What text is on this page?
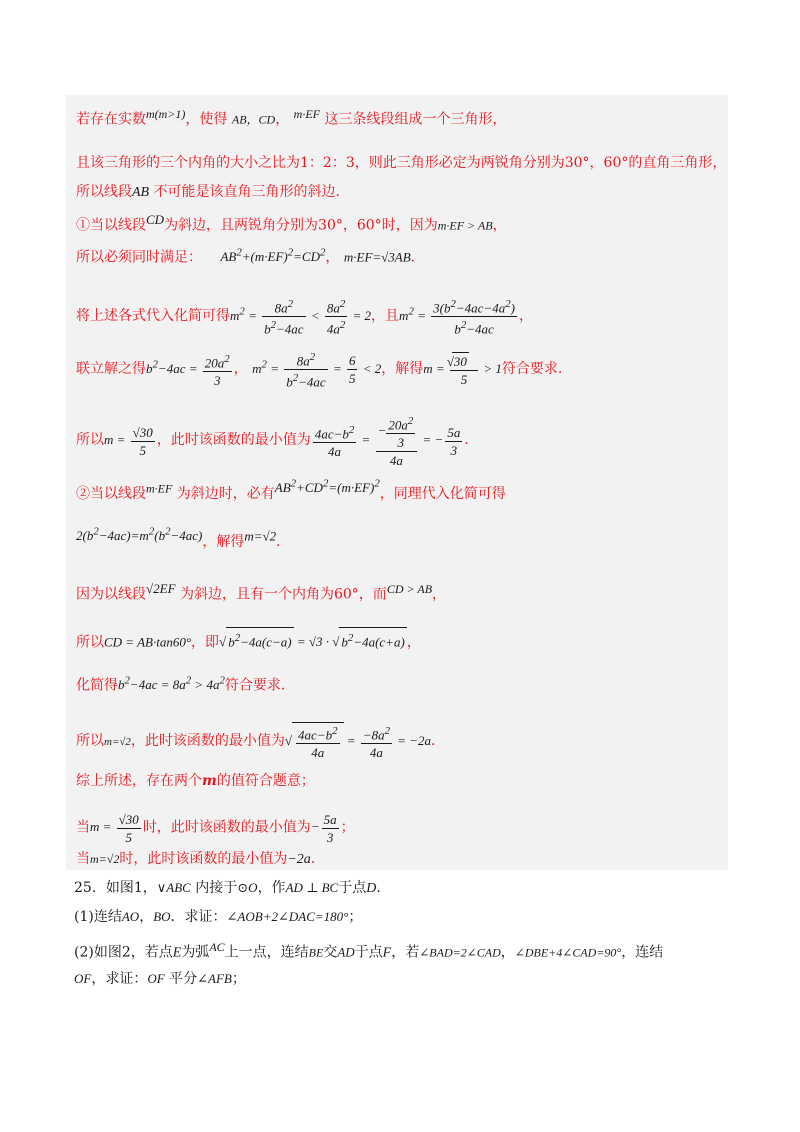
若存在实数m(m>1)，使得 AB，CD， m·EF 这三条线段组成一个三角形，
且该三角形的三个内角的大小之比为1：2：3，则此三角形必定为两锐角分别为30°，60°的直角三角形，
所以线段AB 不可能是该直角三角形的斜边．
①当以线段CD为斜边，且两锐角分别为30°，60°时，因为m·EF > AB，
所以必须同时满足： $AB^2+(m\cdot EF)^2=CD^2$， m·EF=√3AB．
将上述各式代入化简可得$m^2 = \frac{8a^2}{b^2-4ac} < \frac{8a^2}{4a^2} = 2$，且$m^2 = \frac{3(b^2-4ac-4a^2)}{b^2-4ac}$ ，
联立解之得$b^2-4ac = \frac{20a^2}{3}$ ， $m^2 = \frac{8a^2}{b^2-4ac} = \frac{6}{5} < 2$，解得$m = \frac{30√}{5} > 1$符合要求．
所以$m = \frac{√30}{5}$ ，此时该函数的最小值为 $\frac{4ac-b^2}{4a} = \frac{- \frac{20a^2}{3}}{4a}$ = − $\frac{5a}{3}$ ．
②当以线段m·EF 为斜边时，必有$AB^2+CD^2=(m\cdot EF)^2$，同理代入化简可得
$2(b^2-4ac)=m^2(b^2-4ac)$，解得m=√2．
因为以线段√2EF 为斜边，且有一个内角为60°，而CD > AB，
所以CD = AB·tan60°，即√ $b^2-4a(c-a) = √3$ · √ $b^2-4a(c+a)$ ，
化简得$b^2-4ac = 8a^2 > 4a^2$符合要求．
所以m=√2，此时该函数的最小值为√ $\frac{4ac-b^2}{4a} = \frac{-8a^2}{4a} = -2a$．
综上所述，存在两个m的值符合题意；
当$m = \frac{√30}{5}$ 时，此时该函数的最小值为− $\frac{5a}{3}$ ；
当m=√2时，此时该函数的最小值为−2a．
25．如图1，∨ABC 内接于⊙O，作AD ⊥ BC于点D．
(1)连结AO，BO．求证：∠AOB+2∠DAC=180°；
(2)如图2，若点E为弧AC上一点，连结BE交AD于点F，若∠BAD=2∠CAD，∠DBE+4∠CAD=90°，连结
OF，求证：OF 平分∠AFB；
